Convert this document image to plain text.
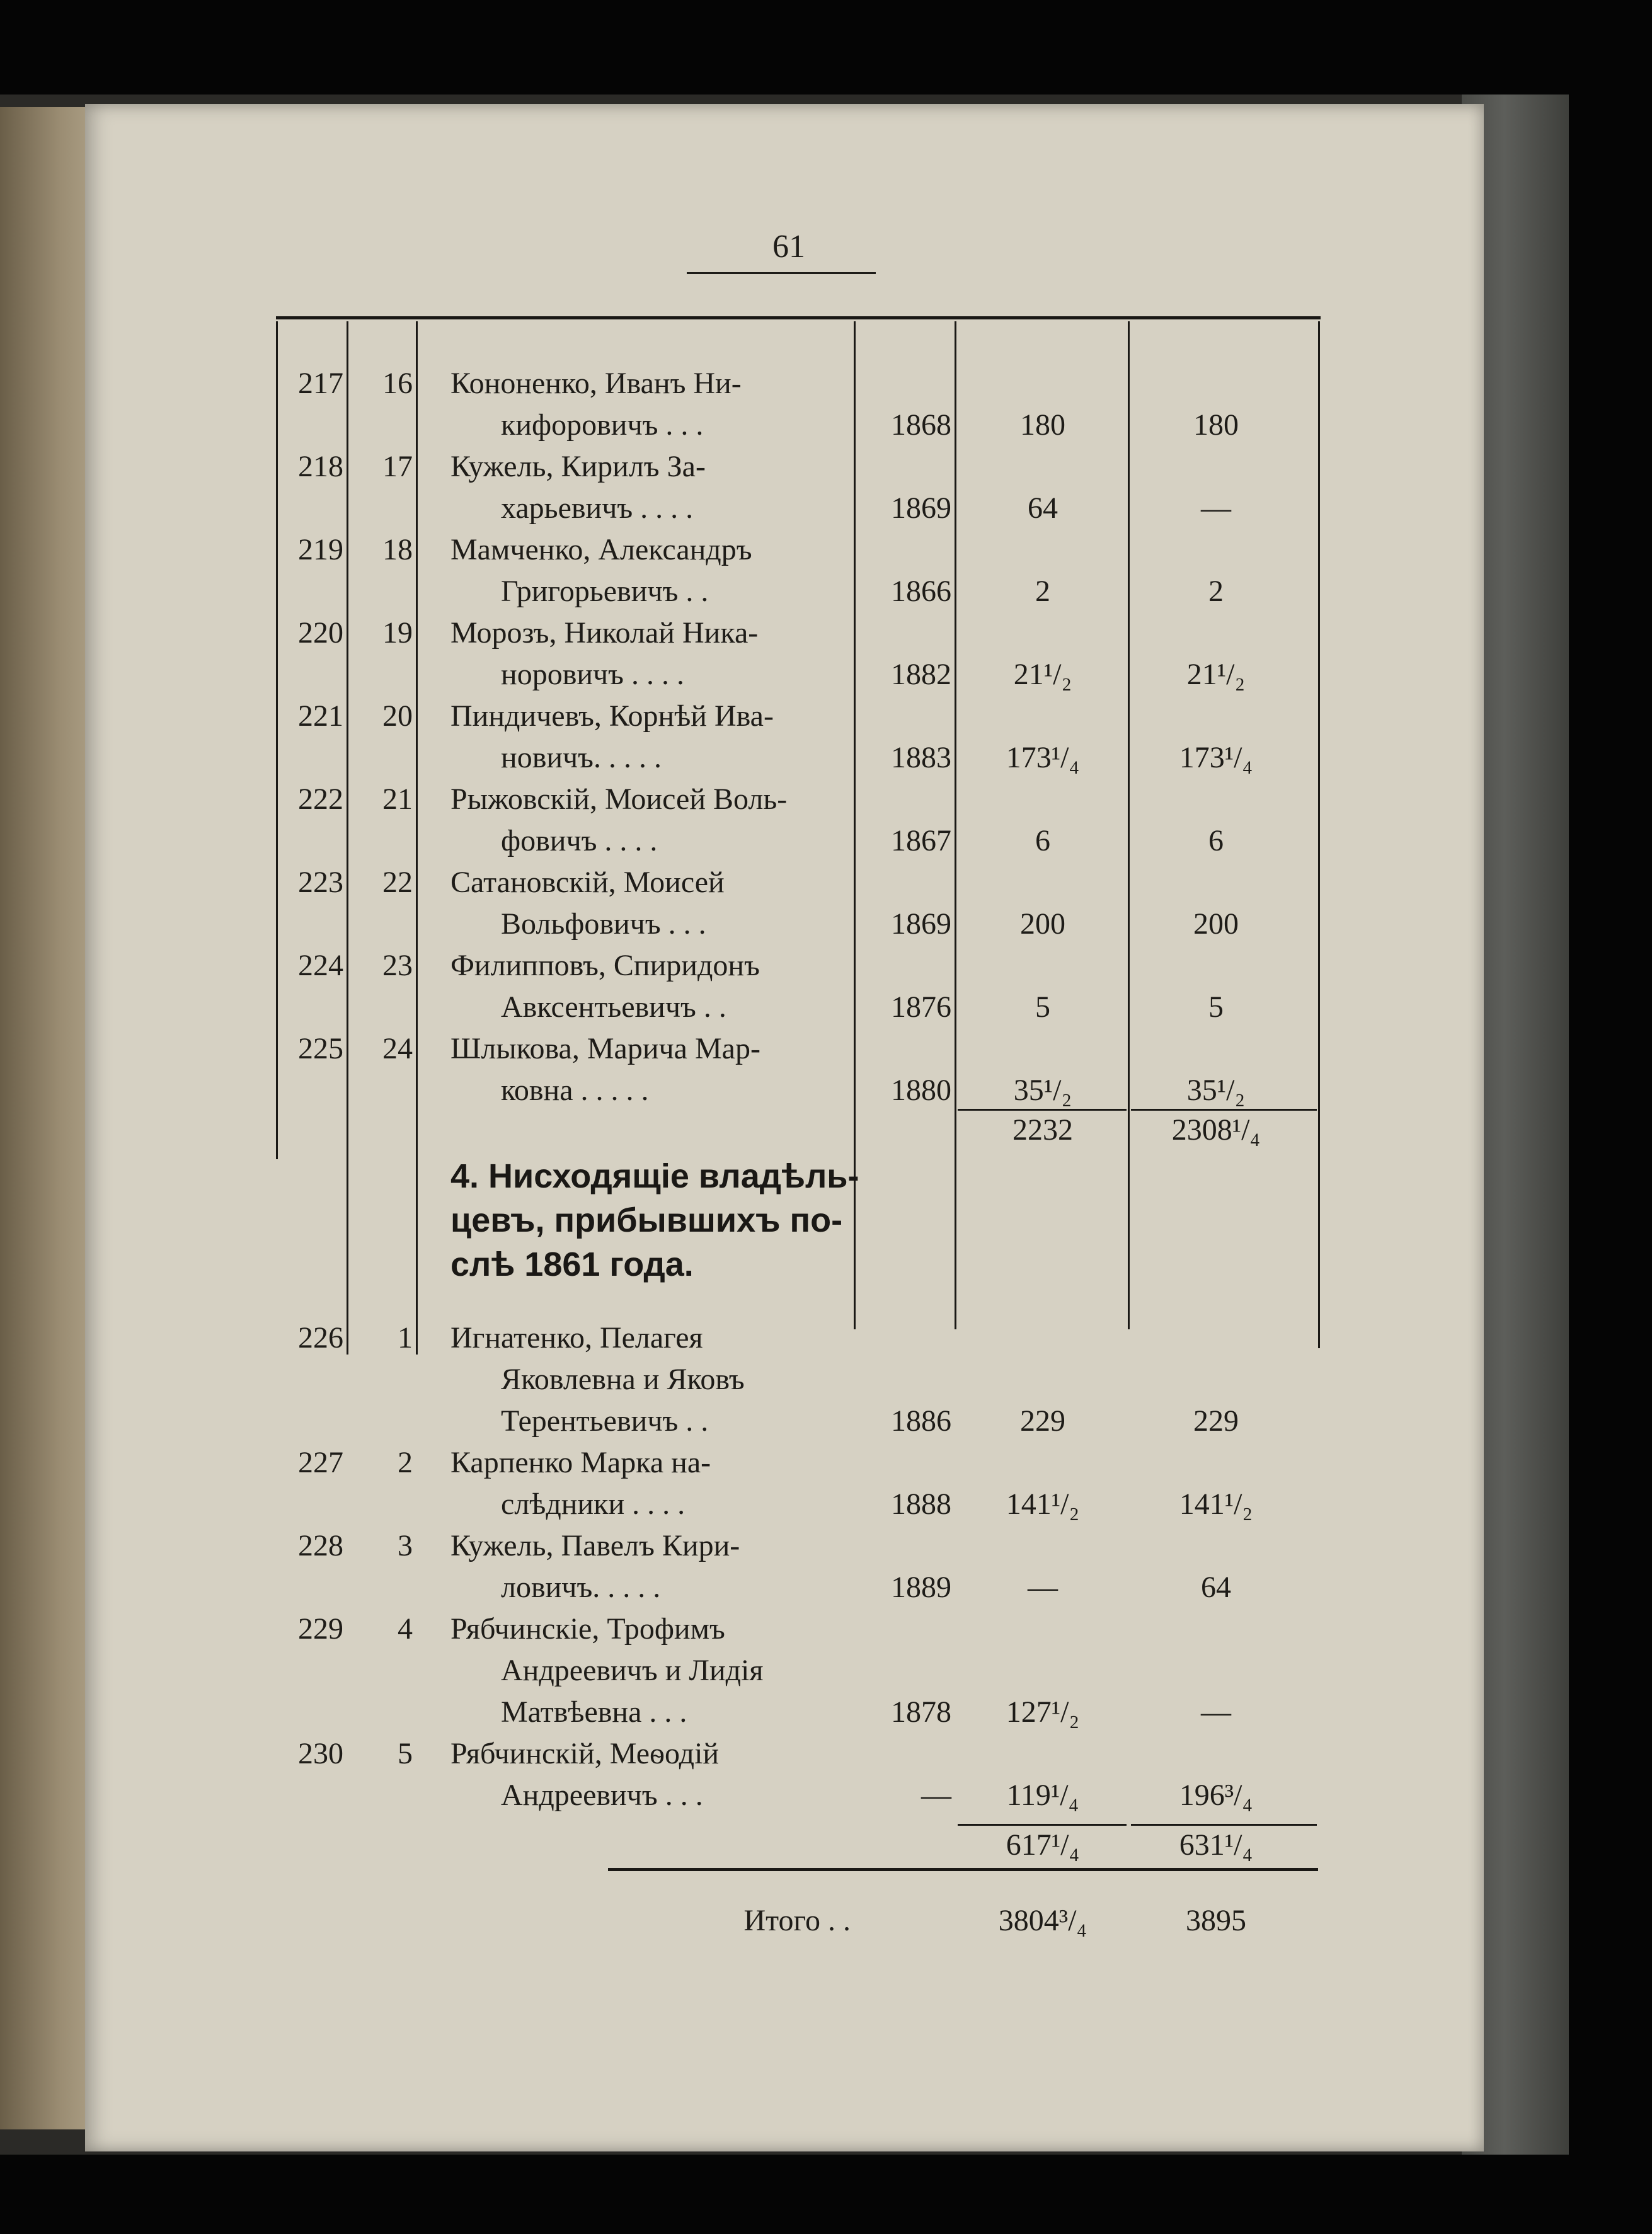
61
217	16 Кононенко, Иванъ Ни-
кифоровичъ . . .	1868	180	180
218	17 Кужель, Кирилъ За-
харьевичъ . . . .	1869	64	—
219	18 Мамченко, Александръ
Григорьевичъ . .	1866	2	2
220	19 Морозъ, Николай Ника-
норовичъ . . . .	1882	21¹/₂	21¹/₂
221	20 Пиндичевъ, Корнѣй Ива-
новичъ. . . . .	1883	173¹/₄	173¹/₄
222	21 Рыжовскій, Моисей Воль-
фовичъ . . . .	1867	6	6
223	22 Сатановскій, Моисей
Вольфовичъ . . .	1869	200	200
224	23 Филипповъ, Спиридонъ
Авксентьевичъ . .	1876	5	5
225	24 Шлыкова, Марича Мар-
ковна . . . . .	1880	35¹/₂	35¹/₂
2232	2308¹/₄
4. Нисходящіе владѣль-
цевъ, прибывшихъ по-
слѣ 1861 года.
226	1 Игнатенко, Пелагея
Яковлевна и Яковъ
Терентьевичъ . .	1886	229	229
227	2 Карпенко Марка на-
слѣдники . . . .	1888	141¹/₂	141¹/₂
228	3 Кужель, Павелъ Кири-
ловичъ. . . . .	1889	—	64
229	4 Рябчинскіе, Трофимъ
Андреевичъ и Лидія
Матвѣевна . . .	1878	127¹/₂	—
230	5 Рябчинскій, Меѳодій
Андреевичъ . . .	—	119¹/₄	196³/₄
617¹/₄	631¹/₄
Итого . .	3804³/₄	3895
